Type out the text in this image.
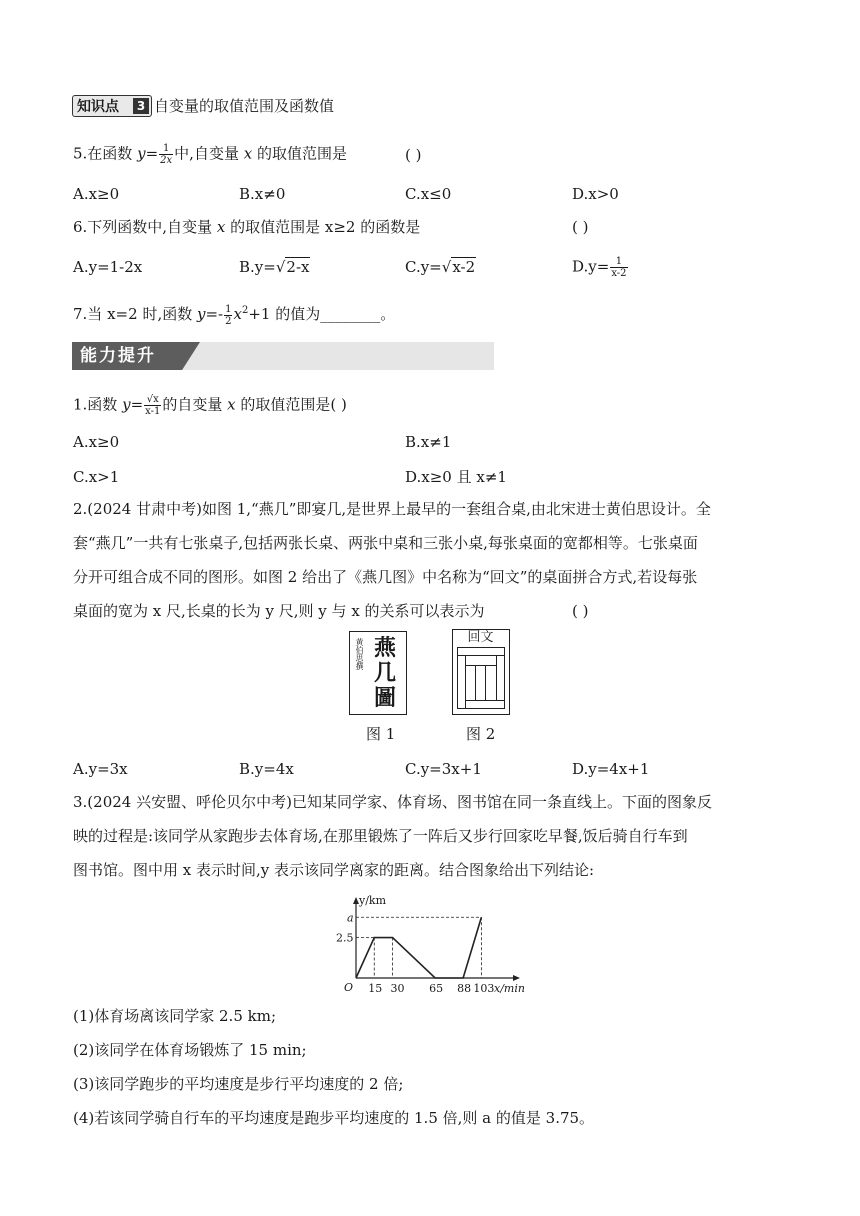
知识点	3 自变量的取值范围及函数值
5.在函数 $y= \frac{1}{2x}$ 中,自变量 x 的取值范围是	( )
A.x≥0	B.x≠0	C.x≤0	D.x>0
6.下列函数中,自变量 x 的取值范围是 x≥2 的函数是	( )
A.y=1-2x	B.y=√2-x	C.y=√x-2	$D.y= \frac{1}{x-2}$
7.当 x=2 时,函数 $y=- \frac{1}{2} x^2+1$ 的值为________。
能力提升
1.函数 $y= \frac{√x}{x-1}$ 的自变量 x 的取值范围是( )
A.x≥0	B.x≠1
C.x>1	D.x≥0 且 x≠1
2.(2024 甘肃中考)如图 1,“燕几”即宴几,是世界上最早的一套组合桌,由北宋进士黄伯思设计。全
套“燕几”一共有七张桌子,包括两张长桌、两张中桌和三张小桌,每张桌面的宽都相等。七张桌面
分开可组合成不同的图形。如图 2 给出了《燕几图》中名称为“回文”的桌面拼合方式,若设每张
桌面的宽为 x 尺,长桌的长为 y 尺,则 y 与 x 的关系可以表示为	( )
黄伯思撰 燕几圖
图 1
回文
图 2
A.y=3x	B.y=4x	C.y=3x+1	D.y=4x+1
3.(2024 兴安盟、呼伦贝尔中考)已知某同学家、体育场、图书馆在同一条直线上。下面的图象反
映的过程是:该同学从家跑步去体育场,在那里锻炼了一阵后又步行回家吃早餐,饭后骑自行车到
图书馆。图中用 x 表示时间,y 表示该同学离家的距离。结合图象给出下列结论:
y/km
x/min
O
2.5
a
15 30 65 88 103
(1)体育场离该同学家 2.5 km;
(2)该同学在体育场锻炼了 15 min;
(3)该同学跑步的平均速度是步行平均速度的 2 倍;
(4)若该同学骑自行车的平均速度是跑步平均速度的 1.5 倍,则 a 的值是 3.75。
